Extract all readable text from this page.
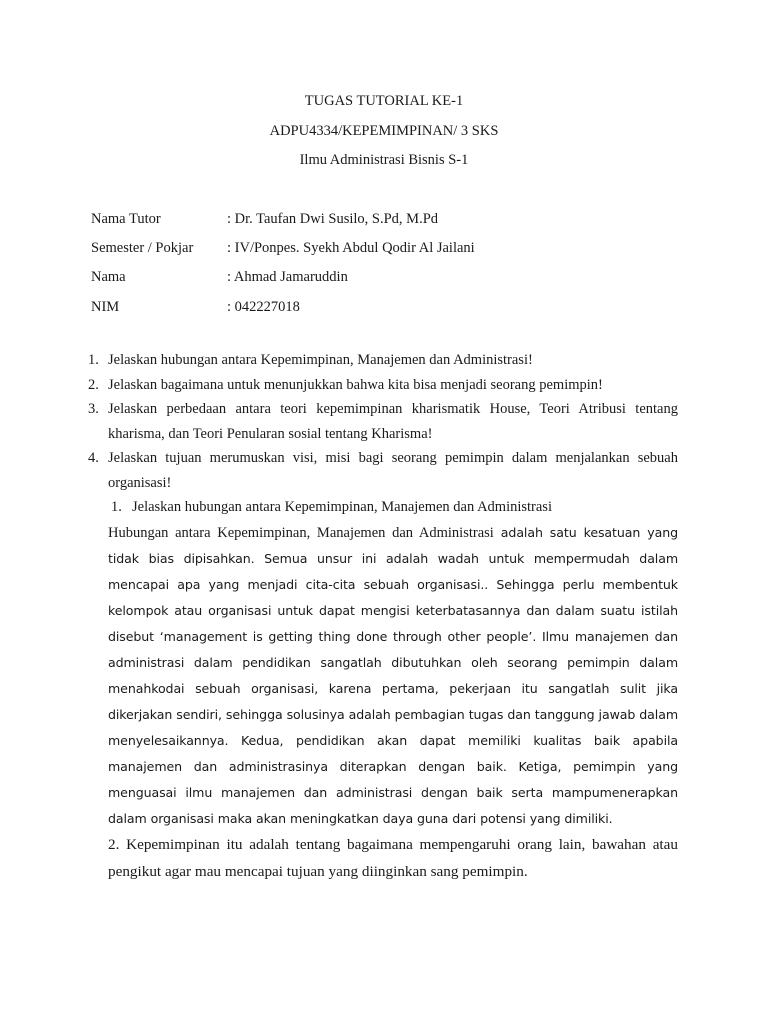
TUGAS TUTORIAL KE-1
ADPU4334/KEPEMIMPINAN/ 3 SKS
Ilmu Administrasi Bisnis S-1
Nama Tutor	: Dr. Taufan Dwi Susilo, S.Pd, M.Pd
Semester / Pokjar : IV/Ponpes. Syekh Abdul Qodir Al Jailani
Nama	: Ahmad Jamaruddin
NIM	: 042227018
1. Jelaskan hubungan antara Kepemimpinan, Manajemen dan Administrasi!
2. Jelaskan bagaimana untuk menunjukkan bahwa kita bisa menjadi seorang pemimpin!
3. Jelaskan perbedaan antara teori kepemimpinan kharismatik House, Teori Atribusi tentang kharisma, dan Teori Penularan sosial tentang Kharisma!
4. Jelaskan tujuan merumuskan visi, misi bagi seorang pemimpin dalam menjalankan sebuah organisasi!
1. Jelaskan hubungan antara Kepemimpinan, Manajemen dan Administrasi
Hubungan antara Kepemimpinan, Manajemen dan Administrasi adalah satu kesatuan yang tidak bias dipisahkan. Semua unsur ini adalah wadah untuk mempermudah dalam mencapai apa yang menjadi cita-cita sebuah organisasi.. Sehingga perlu membentuk kelompok atau organisasi untuk dapat mengisi keterbatasannya dan dalam suatu istilah disebut ‘management is getting thing done through other people’. Ilmu manajemen dan administrasi dalam pendidikan sangatlah dibutuhkan oleh seorang pemimpin dalam menahkodai sebuah organisasi, karena pertama, pekerjaan itu sangatlah sulit jika dikerjakan sendiri, sehingga solusinya adalah pembagian tugas dan tanggung jawab dalam menyelesaikannya. Kedua, pendidikan akan dapat memiliki kualitas baik apabila manajemen dan administrasinya diterapkan dengan baik. Ketiga, pemimpin yang menguasai ilmu manajemen dan administrasi dengan baik serta mampumenerapkan dalam organisasi maka akan meningkatkan daya guna dari potensi yang dimiliki.
2. Kepemimpinan itu adalah tentang bagaimana mempengaruhi orang lain, bawahan atau pengikut agar mau mencapai tujuan yang diinginkan sang pemimpin.
